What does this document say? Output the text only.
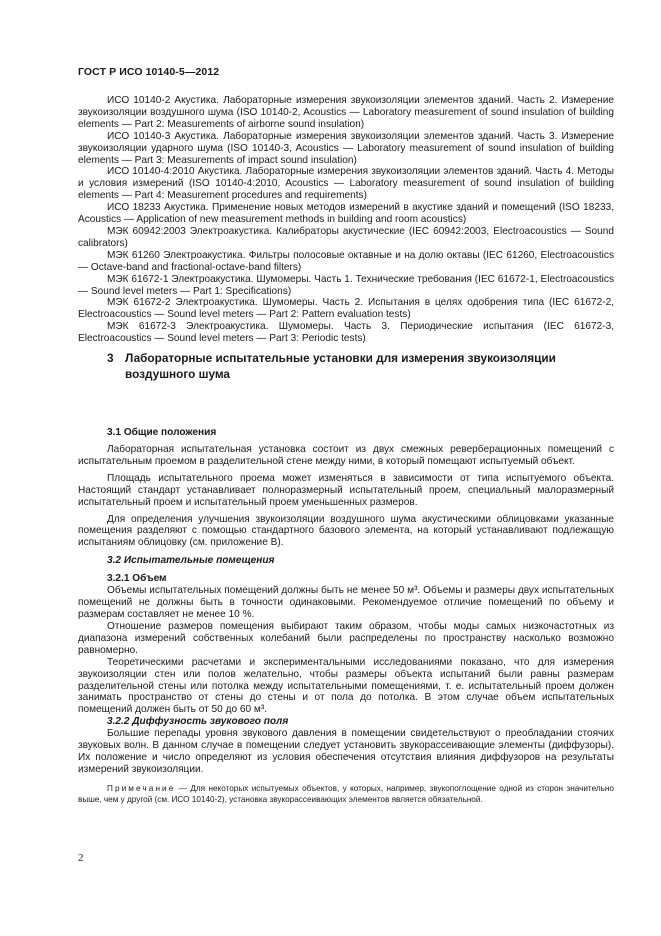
ГОСТ Р ИСО 10140-5—2012

ИСО 10140-2 Акустика. Лабораторные измерения звукоизоляции элементов зданий. Часть 2. Измерение звукоизоляции воздушного шума (ISO 10140-2, Acoustics — Laboratory measurement of sound insulation of building elements — Part 2: Measurements of airborne sound insulation)

ИСО 10140-3 Акустика. Лабораторные измерения звукоизоляции элементов зданий. Часть 3. Измерение звукоизоляции ударного шума (ISO 10140-3, Acoustics — Laboratory measurement of sound insulation of building elements — Part 3: Measurements of impact sound insulation)

ИСО 10140-4:2010 Акустика. Лабораторные измерения звукоизоляции элементов зданий. Часть 4. Методы и условия измерений (ISO 10140-4:2010, Acoustics — Laboratory measurement of sound insulation of building elements — Part 4: Measurement procedures and requirements)

ИСО 18233 Акустика. Применение новых методов измерений в акустике зданий и помещений (ISO 18233, Acoustics — Application of new measurement methods in building and room acoustics)

МЭК 60942:2003 Электроакустика. Калибраторы акустические (IEC 60942:2003, Electroacoustics — Sound calibrators)

МЭК 61260 Электроакустика. Фильтры полосовые октавные и на долю октавы (IEC 61260, Electroacoustics — Octave-band and fractional-octave-band filters)

МЭК 61672-1 Электроакустика. Шумомеры. Часть 1. Технические требования (IEC 61672-1, Electroacoustics — Sound level meters — Part 1: Specifications)

МЭК 61672-2 Электроакустика. Шумомеры. Часть 2. Испытания в целях одобрения типа (IEC 61672-2, Electroacoustics — Sound level meters — Part 2: Pattern evaluation tests)

МЭК 61672-3 Электроакустика. Шумомеры. Часть 3. Периодические испытания (IEC 61672-3, Electroacoustics — Sound level meters — Part 3: Periodic tests)

3 Лабораторные испытательные установки для измерения звукоизоляции
воздушного шума

3.1 Общие положения

Лабораторная испытательная установка состоит из двух смежных реверберационных помещений с испытательным проемом в разделительной стене между ними, в который помещают испытуемый объект.

Площадь испытательного проема может изменяться в зависимости от типа испытуемого объекта. Настоящий стандарт устанавливает полноразмерный испытательный проем, специальный малоразмерный испытательный проем и испытательный проем уменьшенных размеров.

Для определения улучшения звукоизоляции воздушного шума акустическими облицовками указанные помещения разделяют с помощью стандартного базового элемента, на который устанавливают подлежащую испытаниям облицовку (см. приложение В).

3.2 Испытательные помещения

3.2.1 Объем

Объемы испытательных помещений должны быть не менее 50 м³. Объемы и размеры двух испытательных помещений не должны быть в точности одинаковыми. Рекомендуемое отличие помещений по объему и размерам составляет не менее 10 %.

Отношение размеров помещения выбирают таким образом, чтобы моды самых низкочастотных из диапазона измерений собственных колебаний были распределены по пространству насколько возможно равномерно.

Теоретическими расчетами и экспериментальными исследованиями показано, что для измерения звукоизоляции стен или полов желательно, чтобы размеры объекта испытаний были равны размерам разделительной стены или потолка между испытательными помещениями, т. е. испытательный проем должен занимать пространство от стены до стены и от пола до потолка. В этом случае объем испытательных помещений должен быть от 50 до 60 м³.

3.2.2 Диффузность звукового поля

Большие перепады уровня звукового давления в помещении свидетельствуют о преобладании стоячих звуковых волн. В данном случае в помещении следует установить звукорассеивающие элементы (диффузоры). Их положение и число определяют из условия обеспечения отсутствия влияния диффузоров на результаты измерений звукоизоляции.

Примечание — Для некоторых испытуемых объектов, у которых, например, звукопоглощение одной из сторон значительно выше, чем у другой (см. ИСО 10140-2), установка звукорассеивающих элементов является обязательной.

2
